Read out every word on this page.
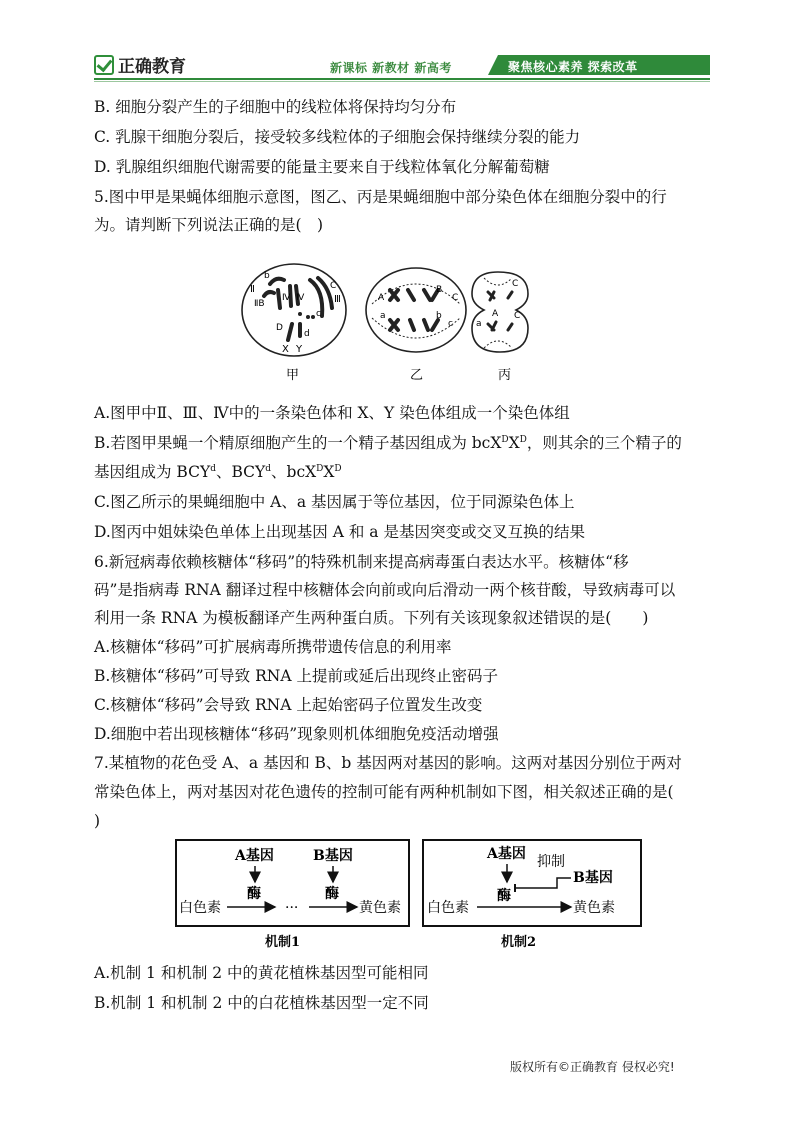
正确教育	新课标 新教材 新高考	聚焦核心素养 探索改革
B. 细胞分裂产生的子细胞中的线粒体将保持均匀分布
C. 乳腺干细胞分裂后，接受较多线粒体的子细胞会保持继续分裂的能力
D. 乳腺组织细胞代谢需要的能量主要来自于线粒体氧化分解葡萄糖
5.图中甲是果蝇体细胞示意图，图乙、丙是果蝇细胞中部分染色体在细胞分裂中的行
为。请判断下列说法正确的是(　)
b
Ⅱ
ⅡB
Ⅳ Ⅳ
C
Ⅲ
c
D
d
X Y
甲
A
a
B
C
b
c
乙
A
a
C
C
丙
A.图甲中Ⅱ、Ⅲ、Ⅳ中的一条染色体和 X、Y 染色体组成一个染色体组
B.若图甲果蝇一个精原细胞产生的一个精子基因组成为 $bcX^DX^D$，则其余的三个精子的
基因组成为 BCY$^d$、BCY$^d$、$bcX^DX^D$
C.图乙所示的果蝇细胞中 A、a 基因属于等位基因，位于同源染色体上
D.图丙中姐妹染色单体上出现基因 A 和 a 是基因突变或交叉互换的结果
6.新冠病毒依赖核糖体“移码”的特殊机制来提高病毒蛋白表达水平。核糖体“移
码”是指病毒 RNA 翻译过程中核糖体会向前或向后滑动一两个核苷酸，导致病毒可以
利用一条 RNA 为模板翻译产生两种蛋白质。下列有关该现象叙述错误的是(　　)
A.核糖体“移码”可扩展病毒所携带遗传信息的利用率
B.核糖体“移码”可导致 RNA 上提前或延后出现终止密码子
C.核糖体“移码”会导致 RNA 上起始密码子位置发生改变
D.细胞中若出现核糖体“移码”现象则机体细胞免疫活动增强
7.某植物的花色受 A、a 基因和 B、b 基因两对基因的影响。这两对基因分别位于两对
常染色体上，两对基因对花色遗传的控制可能有两种机制如下图，相关叙述正确的是(
)
A基因	B基因
酶	酶
白色素	···	黄色素
机制1
A基因 抑制
B基因
酶
白色素	黄色素
机制2
A.机制 1 和机制 2 中的黄花植株基因型可能相同
B.机制 1 和机制 2 中的白花植株基因型一定不同
版权所有©正确教育 侵权必究!
